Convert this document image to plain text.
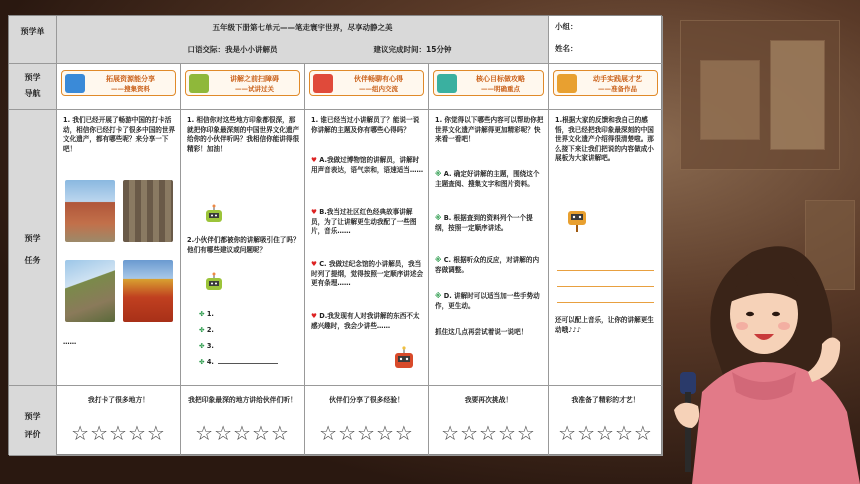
预学单	五年级下册第七单元——笔走寰宇世界，尽享动静之美
口语交际：我是小小讲解员	建议完成时间：15分钟
小组：
姓名：
预学
导航
拓展资源能分享
——搜集资料
讲解之前扫障碍
——试讲过关
伙伴畅聊有心得
——组内交流
核心目标做攻略
——明确重点
动手实践展才艺
——准备作品
预学
任务
1. 我们已经开展了畅游中国的打卡活动，相信你已经打卡了很多中国的世界文化遗产，都有哪些呢？来分享一下吧！
……
1. 相信你对这些地方印象都很深，那就把你印象最深刻的中国世界文化遗产给你的小伙伴听吗？我相信你能讲得很精彩！加油！
2.小伙伴们都被你的讲解吸引住了吗？他们有哪些建议或问题呢？
✤ 1.
✤ 2.
✤ 3.
✤ 4.
1. 谁已经当过小讲解员了？能说一说你讲解的主题及你有哪些心得吗？
♥ A.我做过博物馆的讲解员，讲解时用声音表达，语气亲和，语速适当……
♥ B.我当过社区红色经典故事讲解员，为了让讲解更生动我配了一些图片，音乐……
♥ C. 我做过纪念馆的小讲解员，我当时列了提纲，觉得按照一定顺序讲述会更有条理……
♥ D.我发现有人对我讲解的东西不太感兴趣时，我会少讲些……
1. 你觉得以下哪些内容可以帮助你把世界文化遗产讲解得更加精彩呢？快来看一看吧！
※ A. 确定好讲解的主题，围绕这个主题查阅、搜集文字和图片资料。
※ B. 根据查到的资料列个一个提纲，按照一定顺序讲述。
※ C. 根据听众的反应，对讲解的内容做调整。
※ D. 讲解时可以适当加一些手势动作，更生动。
抓住这几点再尝试着说一说吧！
1.根据大家的反馈和我自己的感悟，我已经把我印象最深刻的中国世界文化遗产介绍得很清楚啦。那么接下来让我们把说的内容做成小展板为大家讲解吧。
还可以配上音乐，让你的讲解更生动哦♪♪♪
预学
评价
我打卡了很多地方！
☆☆☆☆☆
我把印象最深的地方讲给伙伴们听！
☆☆☆☆☆
伙伴们分享了很多经验！
☆☆☆☆☆
我要再次挑战！
☆☆☆☆☆
我准备了精彩的才艺！
☆☆☆☆☆
